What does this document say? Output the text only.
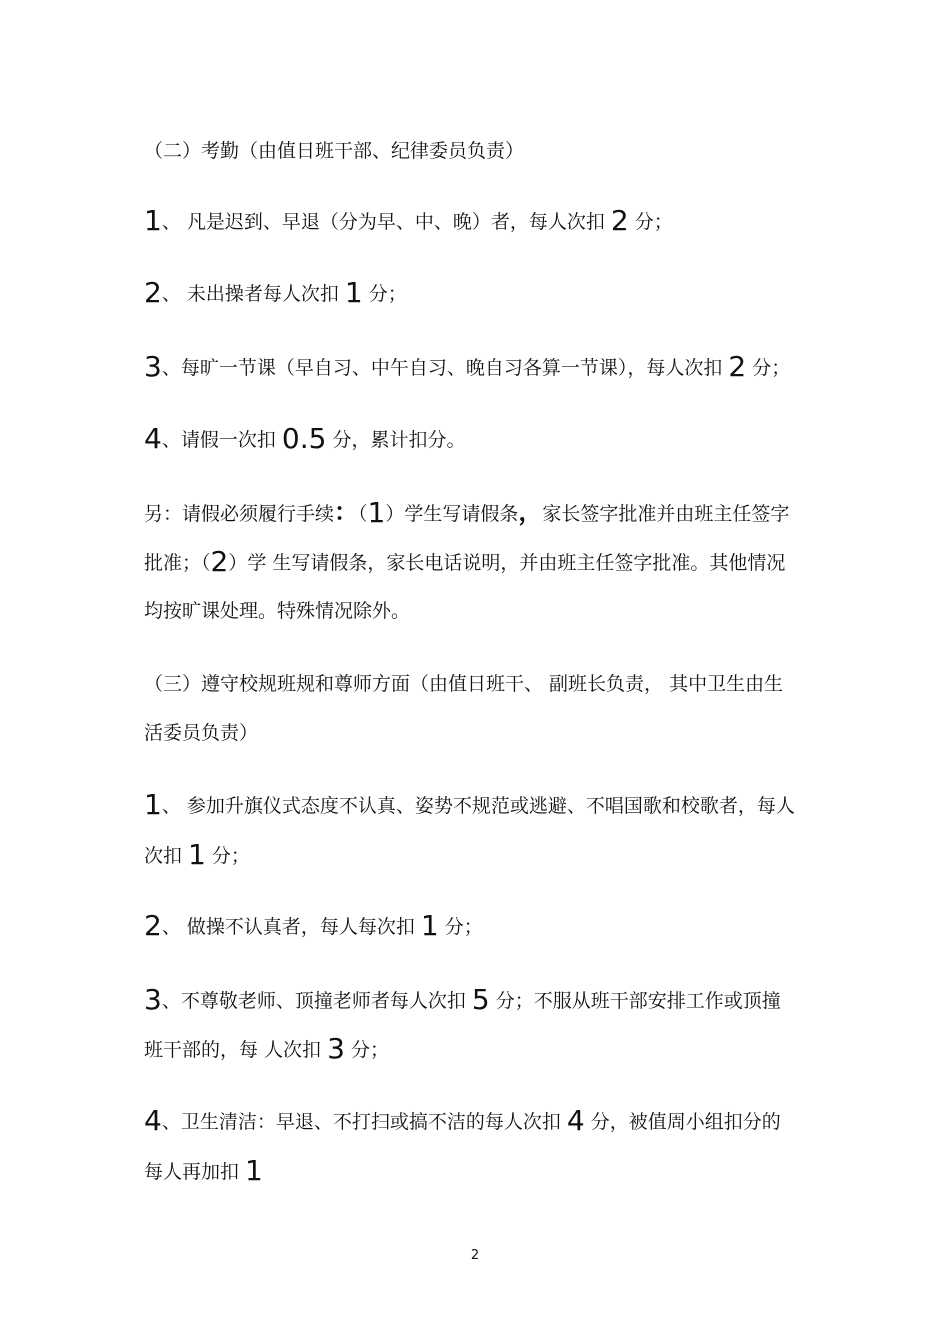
（二）考勤（由值日班干部、纪律委员负责）
1、 凡是迟到、早退（分为早、中、晚）者，每人次扣 2 分；
2、 未出操者每人次扣 1 分；
3、每旷一节课（早自习、中午自习、晚自习各算一节课），每人次扣 2 分；
4、请假一次扣 0.5 分，累计扣分。
另：请假必须履行手续：（1）学生写请假条，家长签字批准并由班主任签字
批准；（2）学 生写请假条，家长电话说明，并由班主任签字批准。其他情况
均按旷课处理。特殊情况除外。
（三）遵守校规班规和尊师方面（由值日班干、 副班长负责， 其中卫生由生
活委员负责）
1、 参加升旗仪式态度不认真、姿势不规范或逃避、不唱国歌和校歌者，每人
次扣 1 分；
2、 做操不认真者，每人每次扣 1 分；
3、不尊敬老师、顶撞老师者每人次扣 5 分；不服从班干部安排工作或顶撞
班干部的，每 人次扣 3 分；
4、卫生清洁：早退、不打扫或搞不洁的每人次扣 4 分，被值周小组扣分的
每人再加扣 1
2
